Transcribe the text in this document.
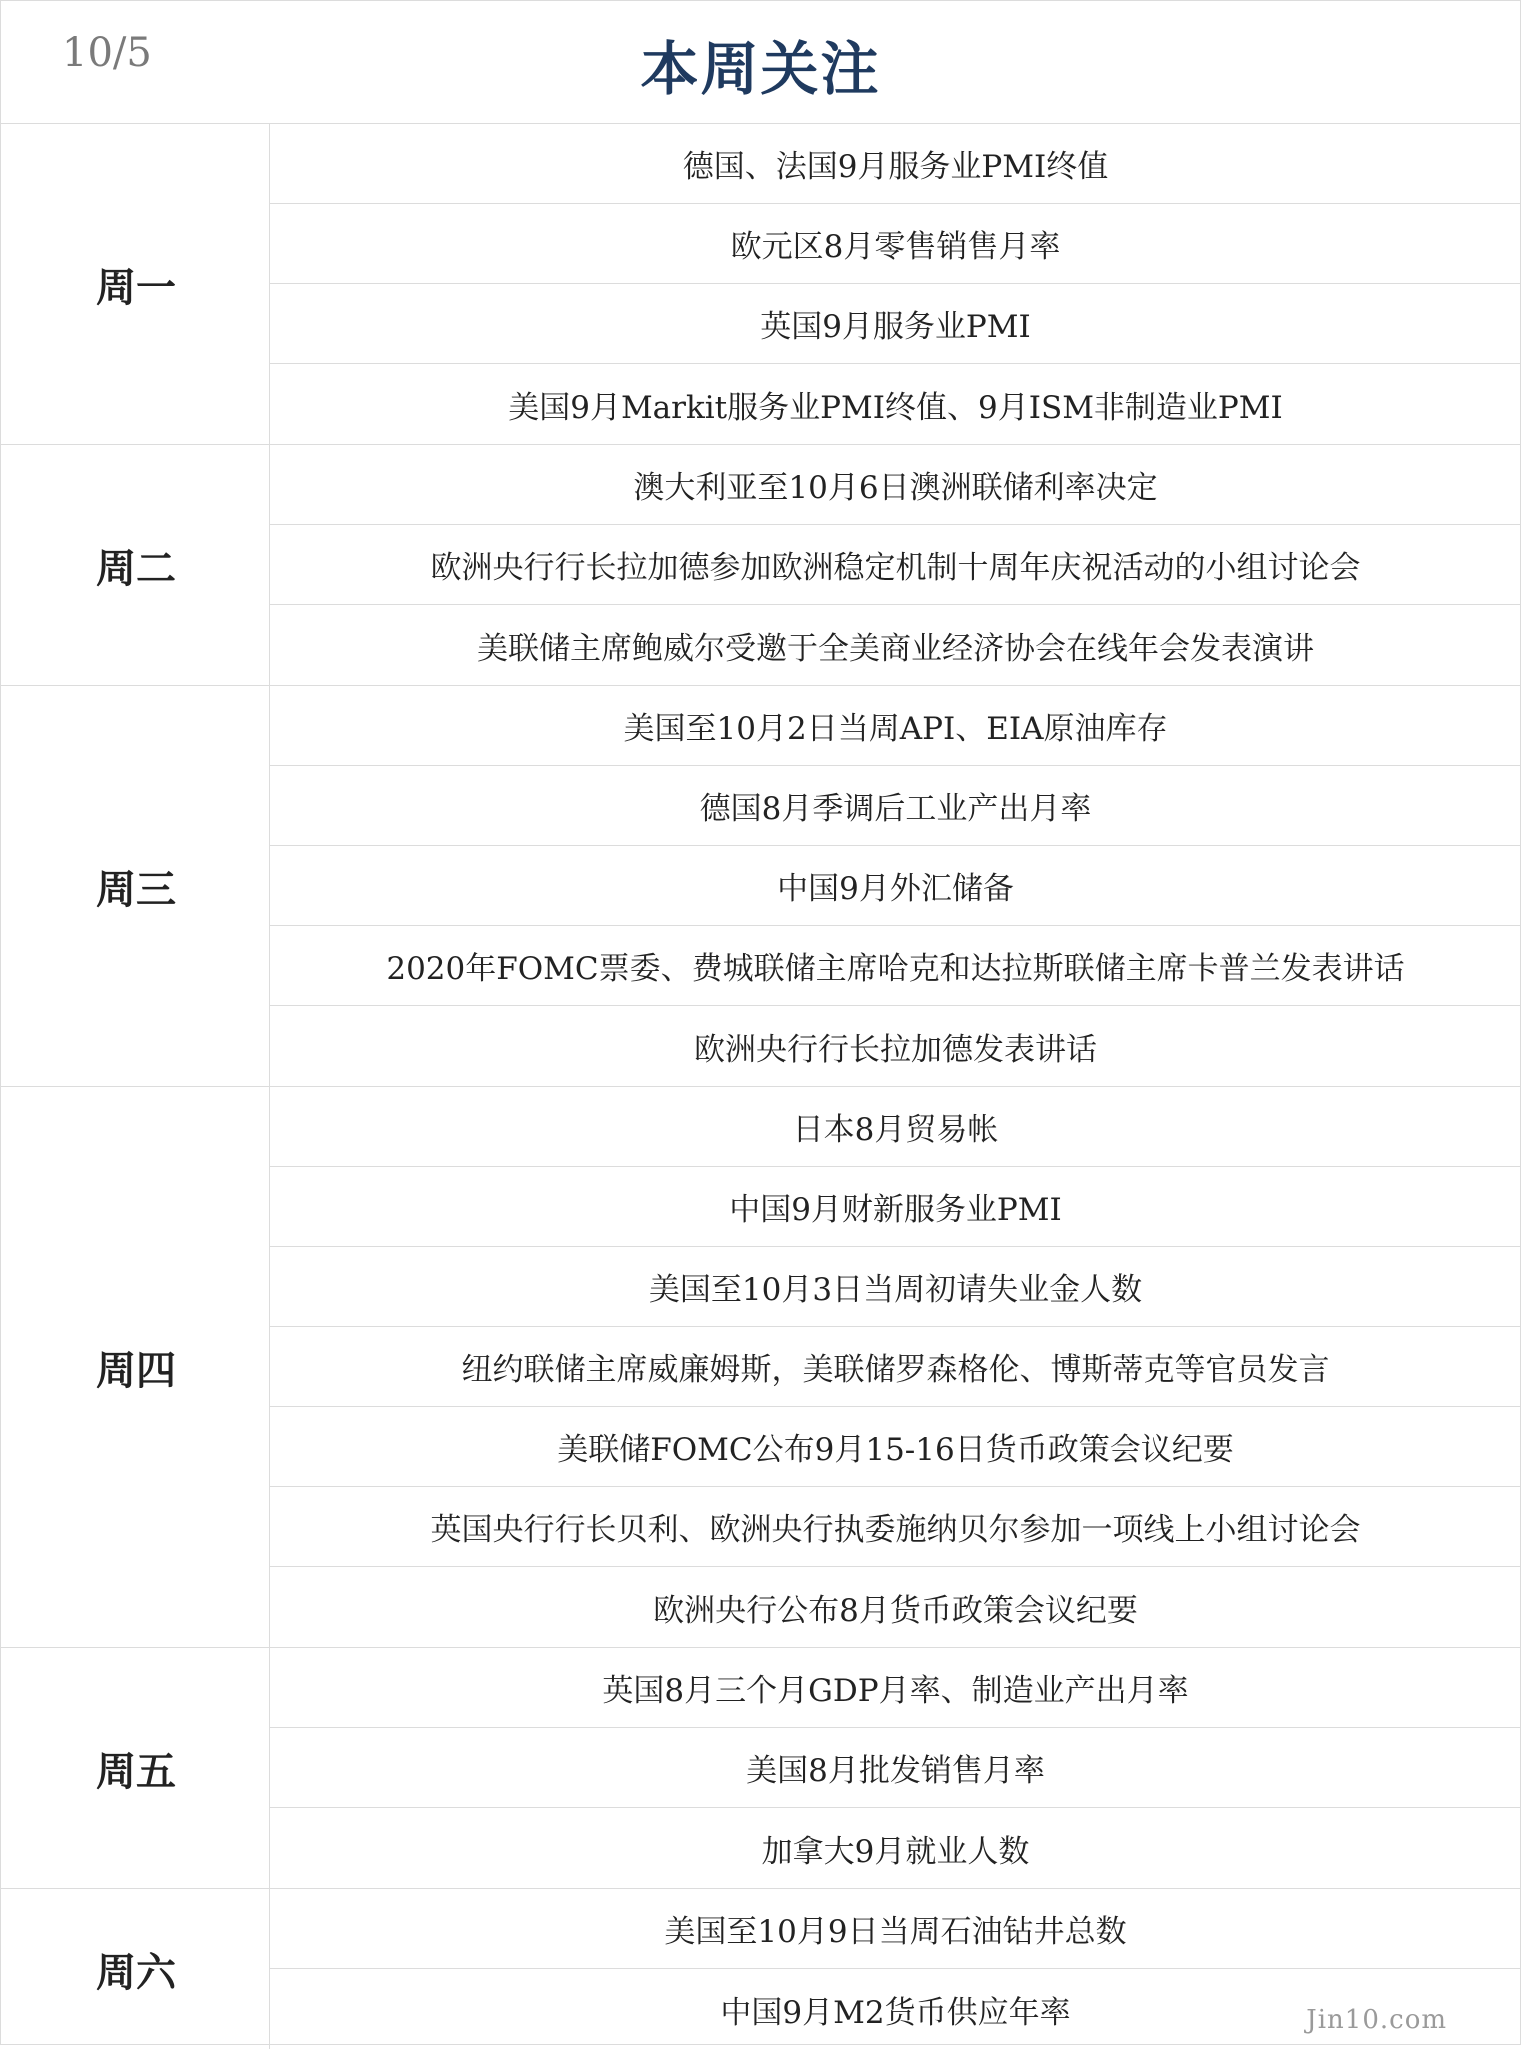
10/5	本周关注
周一
德国、法国9月服务业PMI终值
欧元区8月零售销售月率
英国9月服务业PMI
美国9月Markit服务业PMI终值、9月ISM非制造业PMI
周二
澳大利亚至10月6日澳洲联储利率决定
欧洲央行行长拉加德参加欧洲稳定机制十周年庆祝活动的小组讨论会
美联储主席鲍威尔受邀于全美商业经济协会在线年会发表演讲
周三
美国至10月2日当周API、EIA原油库存
德国8月季调后工业产出月率
中国9月外汇储备
2020年FOMC票委、费城联储主席哈克和达拉斯联储主席卡普兰发表讲话
欧洲央行行长拉加德发表讲话
周四
日本8月贸易帐
中国9月财新服务业PMI
美国至10月3日当周初请失业金人数
纽约联储主席威廉姆斯，美联储罗森格伦、博斯蒂克等官员发言
美联储FOMC公布9月15-16日货币政策会议纪要
英国央行行长贝利、欧洲央行执委施纳贝尔参加一项线上小组讨论会
欧洲央行公布8月货币政策会议纪要
周五
英国8月三个月GDP月率、制造业产出月率
美国8月批发销售月率
加拿大9月就业人数
周六
美国至10月9日当周石油钻井总数
中国9月M2货币供应年率	Jin10.com
